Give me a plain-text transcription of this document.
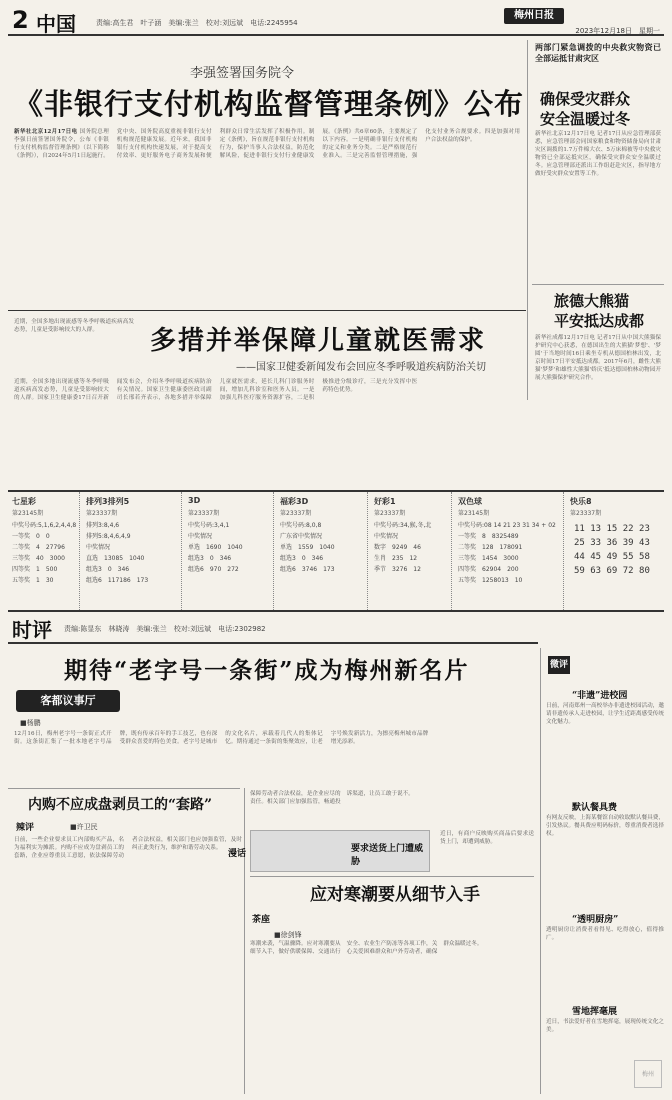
2 中国	责编:高生君　叶子涵　美编:张兰　校对:刘远斌　电话:2245954
梅州日报
2023年12月18日　星期一
李强签署国务院令
《非银行支付机构监督管理条例》公布
新华社北京12月17日电 国务院总理李强日前签署国务院令，公布《非银行支付机构监督管理条例》（以下简称《条例》），自2024年5月1日起施行。党中央、国务院高度重视非银行支付机构规范健康发展。近年来，我国非银行支付机构快速发展，对于提高支付效率、更好服务电子商务发展和便利群众日常生活发挥了积极作用。制定《条例》，旨在规范非银行支付机构行为，保护当事人合法权益，防范化解风险，促进非银行支付行业健康发展。《条例》共6章60条，主要规定了以下内容。一是明确非银行支付机构的定义和业务分类。二是严格规范行业准入。三是完善监督管理措施，强化支付业务合规要求。四是加强对用户合法权益的保护。
两部门紧急调拨的中央救灾物资已全部运抵甘肃灾区
确保受灾群众
安全温暖过冬
新华社北京12月17日电 记者17日从应急管理部获悉，应急管理部会同国家粮食和物资储备局向甘肃灾区调拨的1.7万件棉大衣、5万床棉被等中央救灾物资已全部运抵灾区，确保受灾群众安全温暖过冬。应急管理部还派出工作组赶赴灾区，指导地方做好受灾群众安置等工作。
旅德大熊猫
平安抵达成都
新华社成都12月17日电 记者17日从中国大熊猫保护研究中心获悉，在德国出生的大熊猫'梦想'、'梦圆'于当地时间16日乘坐专机从德国柏林出发，北京时间17日平安抵达成都。2017年6月，雌性大熊猫'梦梦'和雄性大熊猫'娇庆'抵达德国柏林动物园开展大熊猫保护研究合作。
近期，全国多地出现流感等冬季呼吸道疾病高发态势，儿童是受影响较大的人群。	多措并举保障儿童就医需求
——国家卫健委新闻发布会回应冬季呼吸道疾病防治关切
近期，全国多地出现流感等冬季呼吸道疾病高发态势，儿童是受影响较大的人群。国家卫生健康委17日召开新闻发布会，介绍冬季呼吸道疾病防治有关情况。国家卫生健康委医政司副司长邢若齐表示，各地多措并举保障儿童就医需求，延长儿科门诊服务时间，增加儿科诊室和医务人员。一是加强儿科医疗服务资源扩容，二是积极推进分级诊疗，三是充分发挥中医药特色优势。
七星彩
第23145期
中奖号码:5,1,6,2,4,4,8
一等奖　0　0
二等奖　4　27796
三等奖　40　3000
四等奖　1　500
五等奖　1　30
排列3排列5
第23337期
排列3:8,4,6
排列5:8,4,6,4,9
中奖情况
直选　13085　1040
组选3　0　346
组选6　117186　173
3D
第23337期
中奖号码:3,4,1
中奖情况
单选　1690　1040
组选3　0　346
组选6　970　272
福彩3D
第23337期
中奖号码:8,0,8
广东省中奖情况
单选　1559　1040
组选3　0　346
组选6　3746　173
好彩1
第23337期
中奖号码:34,猴,冬,北
中奖情况
数字　9249　46
生肖　235　12
季节　3276　12
双色球
第23145期
中奖号码:08 14 21 23 31 34 + 02
一等奖　8　8325489
二等奖　128　178091
三等奖　1454　3000
四等奖　62904　200
五等奖　1258013　10
快乐8
第23337期
11 13 15 22 23
25 33 36 39 43
44 45 49 55 58
59 63 69 72 80
时评 责编:陈显东　林晓涛　美编:张兰　校对:刘远斌　电话:2302982
期待“老字号一条街”成为梅州新名片
客都议事厅
■杨鹏
12月16日，梅州老字号一条街正式开街。这条街汇集了一批本地老字号品牌，既有传承百年的手工技艺，也有深受群众喜爱的特色美食。老字号是城市的文化名片，承载着几代人的集体记忆。期待通过一条街的集聚效应，让老字号焕发新活力，为擦亮梅州城市品牌增光添彩。
内购不应成盘剥员工的“套路”
辣评	■许卫民
日前，一些企业要求员工内部购买产品，名为福利实为摊派。内购不应成为盘剥员工的套路，企业应尊重员工意愿，依法保障劳动者合法权益，相关部门也应加强监管，及时纠正此类行为，维护和谐劳动关系。
保障劳动者合法权益，是企业应尽的责任。相关部门应加强监管，畅通投诉渠道，让员工敢于说不。
要求送货上门遭威胁
漫话
近日，有商户反映购买商品后要求送货上门，却遭到威胁。
应对寒潮要从细节入手
茶座
■徐剑锋
寒潮来袭，气温骤降。应对寒潮要从细节入手，做好供暖保障、交通出行安全、农业生产防冻等各项工作，关心关爱困难群众和户外劳动者，确保群众温暖过冬。
微评
“非遗”进校园
日前，河南郑州一高校举办非遗进校园活动，邀请非遗传承人走进校园，让学生近距离感受传统文化魅力。
默认餐具费
有网友反映，上海某餐馆自动收取默认餐具费，引发热议。餐具费应明码标价，尊重消费者选择权。
“透明厨房”
透明厨房让消费者看得见、吃得放心，值得推广。
雪地挥毫展
近日，书法爱好者在雪地挥毫，展现传统文化之美。
梅州
